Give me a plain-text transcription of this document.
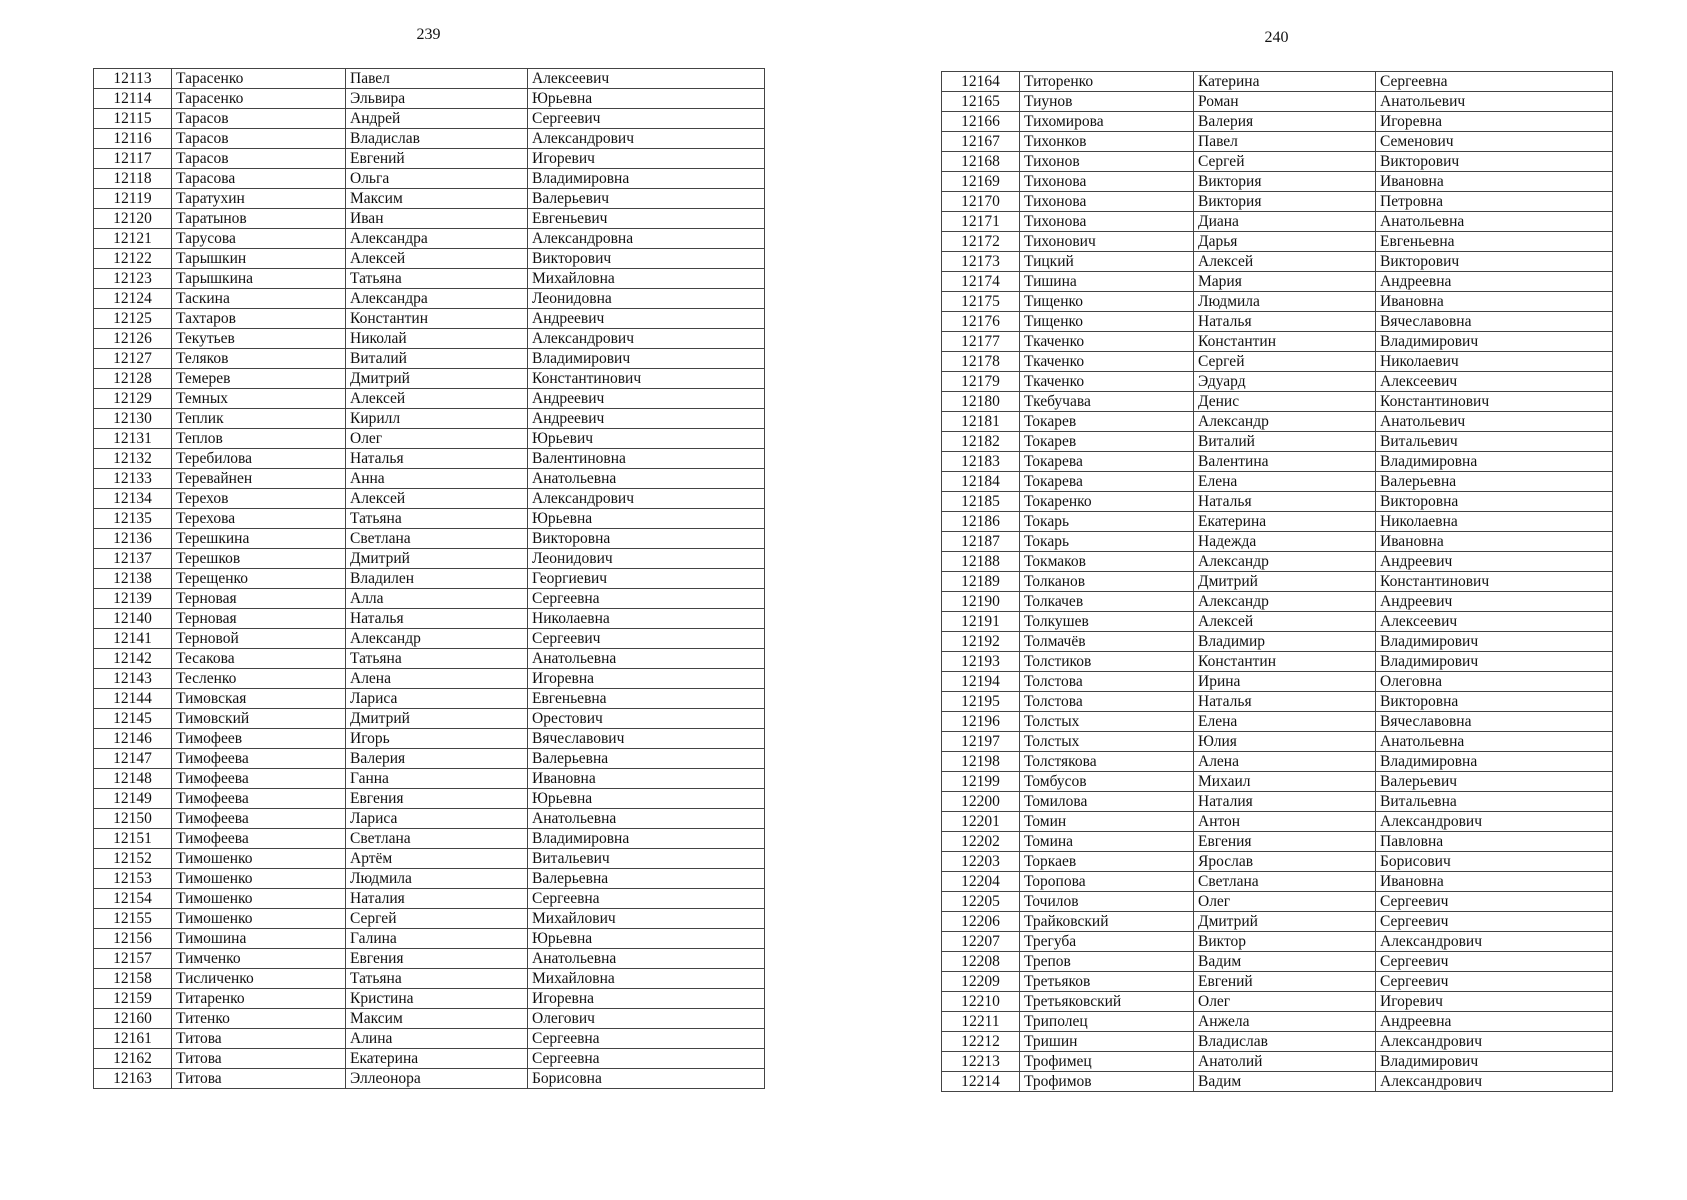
239
12113	Тарасенко	Павел	Алексеевич
12114	Тарасенко	Эльвира	Юрьевна
12115	Тарасов	Андрей	Сергеевич
12116	Тарасов	Владислав	Александрович
12117	Тарасов	Евгений	Игоревич
12118	Тарасова	Ольга	Владимировна
12119	Таратухин	Максим	Валерьевич
12120	Таратынов	Иван	Евгеньевич
12121	Тарусова	Александра	Александровна
12122	Тарышкин	Алексей	Викторович
12123	Тарышкина	Татьяна	Михайловна
12124	Таскина	Александра	Леонидовна
12125	Тахтаров	Константин	Андреевич
12126	Текутьев	Николай	Александрович
12127	Теляков	Виталий	Владимирович
12128	Темерев	Дмитрий	Константинович
12129	Темных	Алексей	Андреевич
12130	Теплик	Кирилл	Андреевич
12131	Теплов	Олег	Юрьевич
12132	Теребилова	Наталья	Валентиновна
12133	Теревайнен	Анна	Анатольевна
12134	Терехов	Алексей	Александрович
12135	Терехова	Татьяна	Юрьевна
12136	Терешкина	Светлана	Викторовна
12137	Терешков	Дмитрий	Леонидович
12138	Терещенко	Владилен	Георгиевич
12139	Терновая	Алла	Сергеевна
12140	Терновая	Наталья	Николаевна
12141	Терновой	Александр	Сергеевич
12142	Тесакова	Татьяна	Анатольевна
12143	Тесленко	Алена	Игоревна
12144	Тимовская	Лариса	Евгеньевна
12145	Тимовский	Дмитрий	Орестович
12146	Тимофеев	Игорь	Вячеславович
12147	Тимофеева	Валерия	Валерьевна
12148	Тимофеева	Ганна	Ивановна
12149	Тимофеева	Евгения	Юрьевна
12150	Тимофеева	Лариса	Анатольевна
12151	Тимофеева	Светлана	Владимировна
12152	Тимошенко	Артём	Витальевич
12153	Тимошенко	Людмила	Валерьевна
12154	Тимошенко	Наталия	Сергеевна
12155	Тимошенко	Сергей	Михайлович
12156	Тимошина	Галина	Юрьевна
12157	Тимченко	Евгения	Анатольевна
12158	Тисличенко	Татьяна	Михайловна
12159	Титаренко	Кристина	Игоревна
12160	Титенко	Максим	Олегович
12161	Титова	Алина	Сергеевна
12162	Титова	Екатерина	Сергеевна
12163	Титова	Эллеонора	Борисовна
240
12164	Титоренко	Катерина	Сергеевна
12165	Тиунов	Роман	Анатольевич
12166	Тихомирова	Валерия	Игоревна
12167	Тихонков	Павел	Семенович
12168	Тихонов	Сергей	Викторович
12169	Тихонова	Виктория	Ивановна
12170	Тихонова	Виктория	Петровна
12171	Тихонова	Диана	Анатольевна
12172	Тихонович	Дарья	Евгеньевна
12173	Тицкий	Алексей	Викторович
12174	Тишина	Мария	Андреевна
12175	Тищенко	Людмила	Ивановна
12176	Тищенко	Наталья	Вячеславовна
12177	Ткаченко	Константин	Владимирович
12178	Ткаченко	Сергей	Николаевич
12179	Ткаченко	Эдуард	Алексеевич
12180	Ткебучава	Денис	Константинович
12181	Токарев	Александр	Анатольевич
12182	Токарев	Виталий	Витальевич
12183	Токарева	Валентина	Владимировна
12184	Токарева	Елена	Валерьевна
12185	Токаренко	Наталья	Викторовна
12186	Токарь	Екатерина	Николаевна
12187	Токарь	Надежда	Ивановна
12188	Токмаков	Александр	Андреевич
12189	Толканов	Дмитрий	Константинович
12190	Толкачев	Александр	Андреевич
12191	Толкушев	Алексей	Алексеевич
12192	Толмачёв	Владимир	Владимирович
12193	Толстиков	Константин	Владимирович
12194	Толстова	Ирина	Олеговна
12195	Толстова	Наталья	Викторовна
12196	Толстых	Елена	Вячеславовна
12197	Толстых	Юлия	Анатольевна
12198	Толстякова	Алена	Владимировна
12199	Томбусов	Михаил	Валерьевич
12200	Томилова	Наталия	Витальевна
12201	Томин	Антон	Александрович
12202	Томина	Евгения	Павловна
12203	Торкаев	Ярослав	Борисович
12204	Торопова	Светлана	Ивановна
12205	Точилов	Олег	Сергеевич
12206	Трайковский	Дмитрий	Сергеевич
12207	Трегуба	Виктор	Александрович
12208	Трепов	Вадим	Сергеевич
12209	Третьяков	Евгений	Сергеевич
12210	Третьяковский	Олег	Игоревич
12211	Триполец	Анжела	Андреевна
12212	Тришин	Владислав	Александрович
12213	Трофимец	Анатолий	Владимирович
12214	Трофимов	Вадим	Александрович
